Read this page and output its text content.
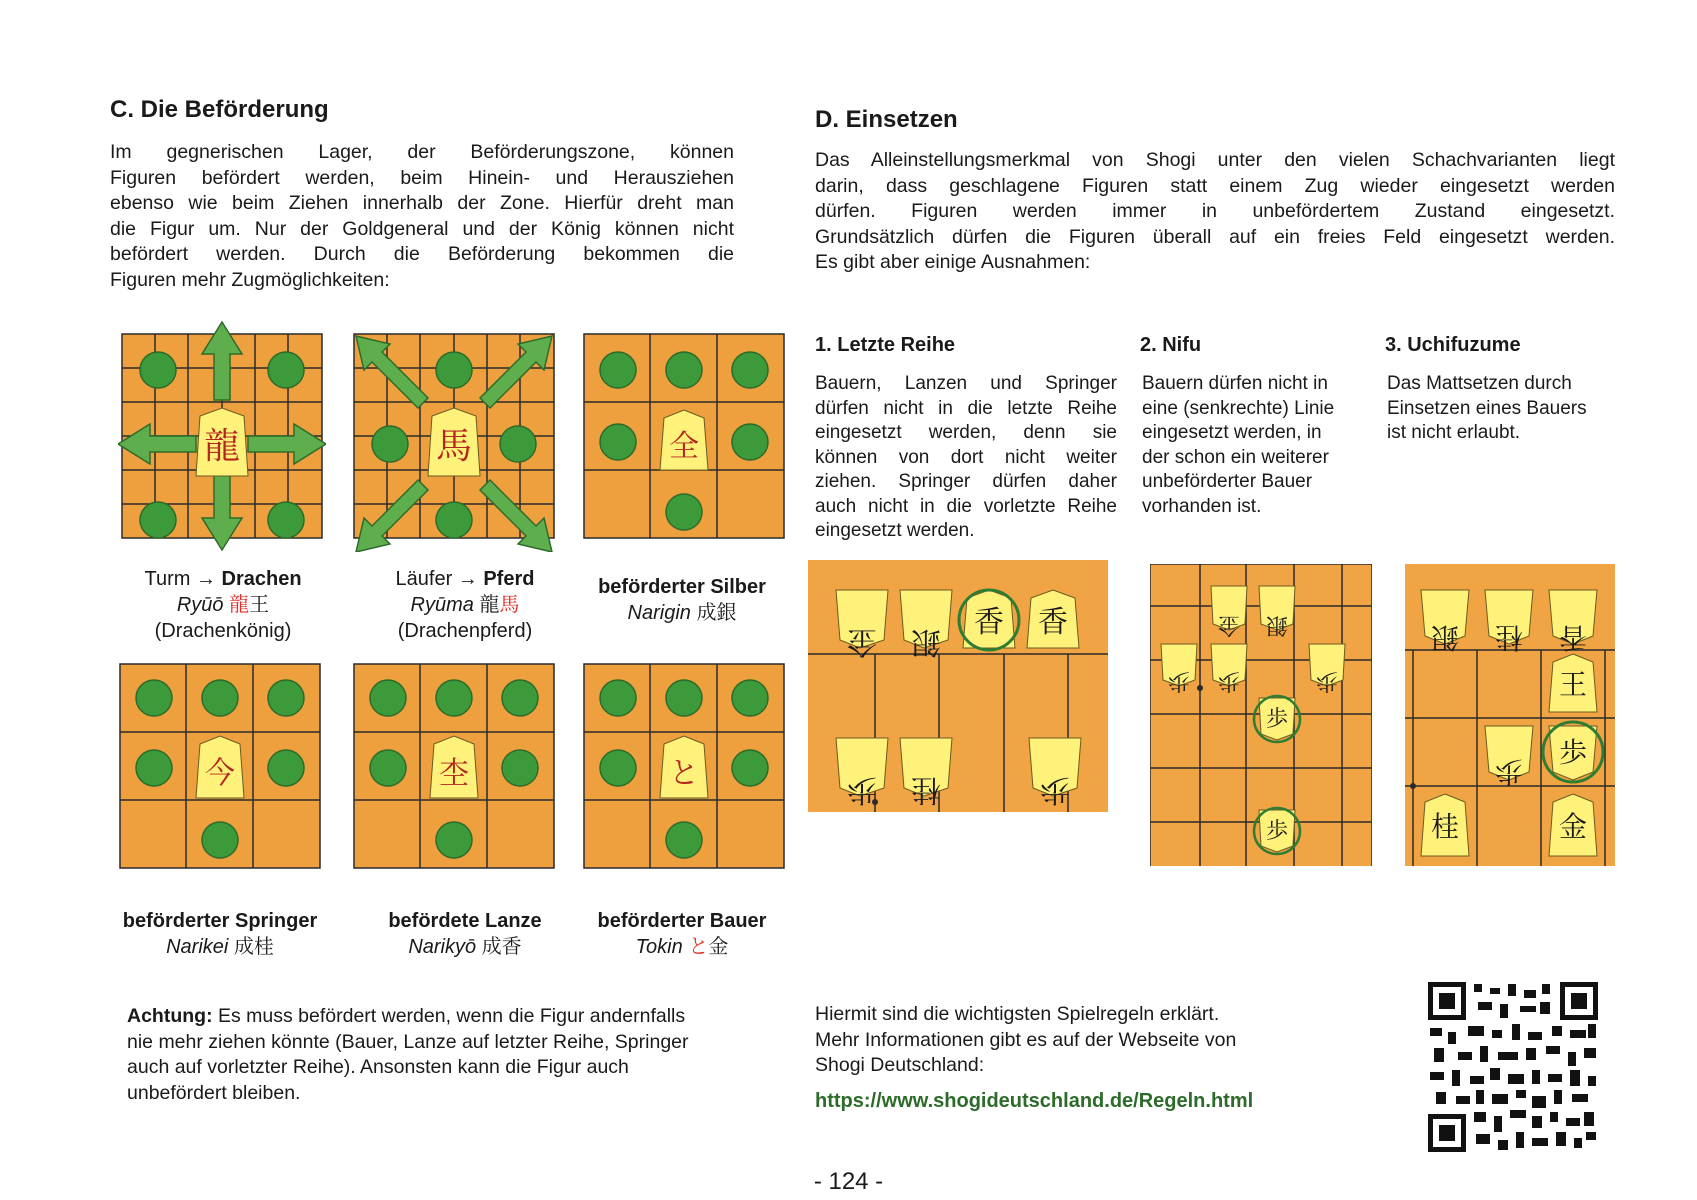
C. Die Beförderung
Im gegnerischen Lager, der Beförderungszone, können
Figuren befördert werden, beim Hinein- und Herausziehen
ebenso wie beim Ziehen innerhalb der Zone. Hierfür dreht man
die Figur um. Nur der Goldgeneral und der König können nicht
befördert werden. Durch die Beförderung bekommen die
Figuren mehr Zugmöglichkeiten:
龍	馬	全
Turm → Drachen
Ryūō 龍王
(Drachenkönig)
Läufer → Pferd
Ryūma 龍馬
(Drachenpferd)
beförderter Silber
Narigin 成銀
今	杢	と
beförderter Springer
Narikei 成桂
befördete Lanze
Narikyō 成香
beförderter Bauer
Tokin と金
Achtung: Es muss befördert werden, wenn die Figur andernfalls
nie mehr ziehen könnte (Bauer, Lanze auf letzter Reihe, Springer
auch auf vorletzter Reihe). Ansonsten kann die Figur auch
unbefördert bleiben.
D. Einsetzen
Das Alleinstellungsmerkmal von Shogi unter den vielen Schachvarianten liegt
darin, dass geschlagene Figuren statt einem Zug wieder eingesetzt werden
dürfen. Figuren werden immer in unbefördertem Zustand eingesetzt.
Grundsätzlich dürfen die Figuren überall auf ein freies Feld eingesetzt werden.
Es gibt aber einige Ausnahmen:
1. Letzte Reihe
Bauern, Lanzen und Springer
dürfen nicht in die letzte Reihe
eingesetzt werden, denn sie
können von dort nicht weiter
ziehen. Springer dürfen daher
auch nicht in die vorletzte Reihe
eingesetzt werden.
2. Nifu
Bauern dürfen nicht in
eine (senkrechte) Linie
eingesetzt werden, in
der schon ein weiterer
unbeförderter Bauer
vorhanden ist.
3. Uchifuzume
Das Mattsetzen durch
Einsetzen eines Bauers
ist nicht erlaubt.
金 銀
香 香
歩 桂	歩
金 銀
歩 歩	歩
歩
歩
銀 桂 香
王
歩
歩
桂	金
Hiermit sind die wichtigsten Spielregeln erklärt.
Mehr Informationen gibt es auf der Webseite von
Shogi Deutschland:
https://www.shogideutschland.de/Regeln.html
- 124 -
